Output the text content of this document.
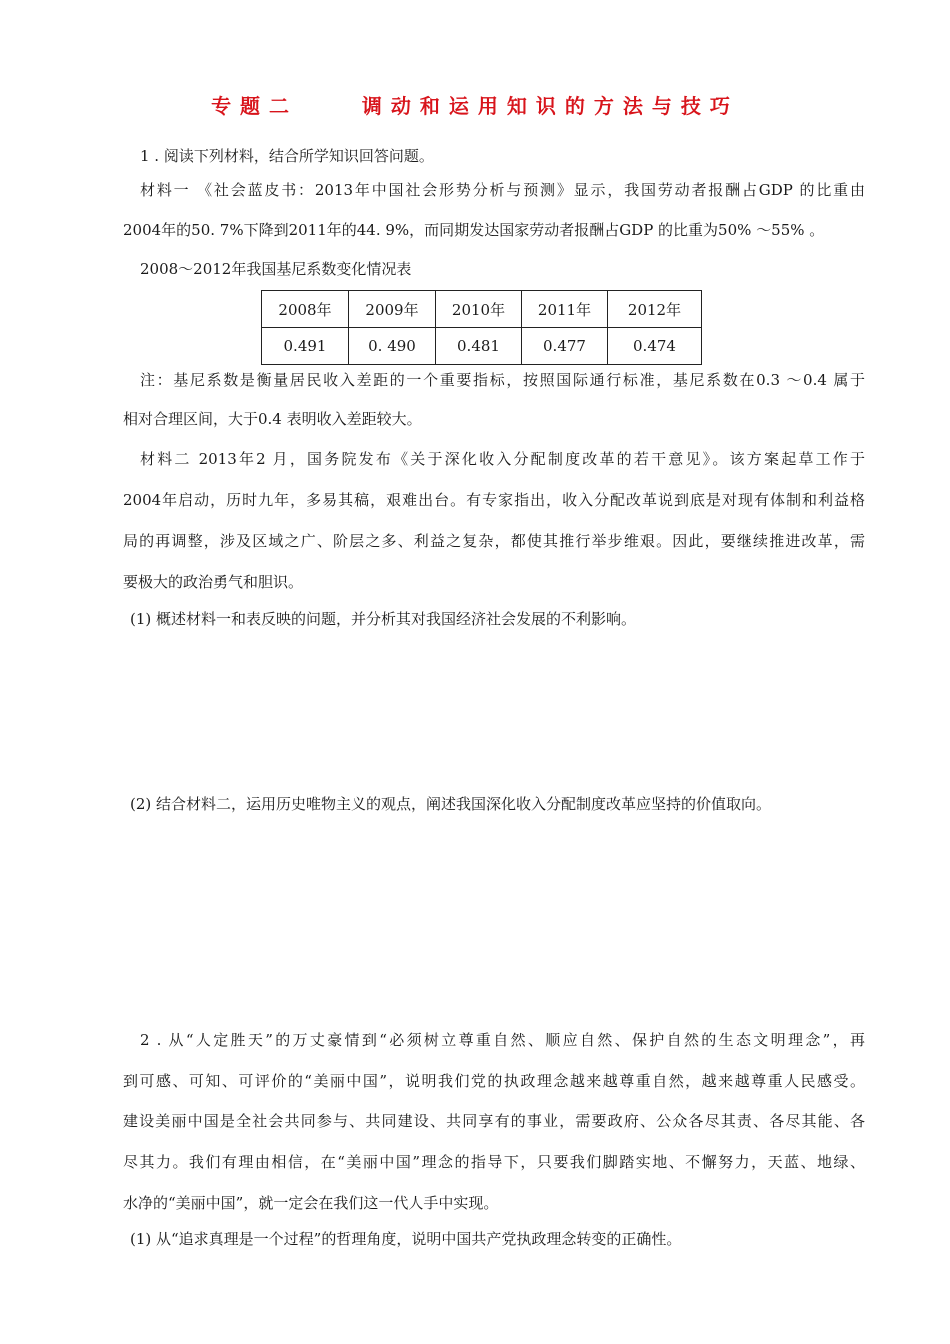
专题二    调动和运用知识的方法与技巧
1 . 阅读下列材料，结合所学知识回答问题。
材料一 《社会蓝皮书：2013年中国社会形势分析与预测》显示，我国劳动者报酬占GDP 的比重由
2004年的50. 7%下降到2011年的44. 9%，而同期发达国家劳动者报酬占GDP 的比重为50% ～55% 。
2008～2012年我国基尼系数变化情况表
2008年	2009年	2010年	2011年	2012年
0.491	0. 490	0.481	0.477	0.474
注：基尼系数是衡量居民收入差距的一个重要指标，按照国际通行标准，基尼系数在0.3 ～0.4 属于
相对合理区间，大于0.4 表明收入差距较大。
材料二 2013年2 月，国务院发布《关于深化收入分配制度改革的若干意见》。该方案起草工作于
2004年启动，历时九年，多易其稿，艰难出台。有专家指出，收入分配改革说到底是对现有体制和利益格
局的再调整，涉及区域之广、阶层之多、利益之复杂，都使其推行举步维艰。因此，要继续推进改革，需
要极大的政治勇气和胆识。
(1) 概述材料一和表反映的问题，并分析其对我国经济社会发展的不利影响。
(2) 结合材料二，运用历史唯物主义的观点，阐述我国深化收入分配制度改革应坚持的价值取向。
2 . 从“人定胜天”的万丈豪情到“必须树立尊重自然、顺应自然、保护自然的生态文明理念”，再
到可感、可知、可评价的“美丽中国”，说明我们党的执政理念越来越尊重自然，越来越尊重人民感受。
建设美丽中国是全社会共同参与、共同建设、共同享有的事业，需要政府、公众各尽其责、各尽其能、各
尽其力。我们有理由相信，在“美丽中国”理念的指导下，只要我们脚踏实地、不懈努力，天蓝、地绿、
水净的“美丽中国”，就一定会在我们这一代人手中实现。
(1) 从“追求真理是一个过程”的哲理角度，说明中国共产党执政理念转变的正确性。
